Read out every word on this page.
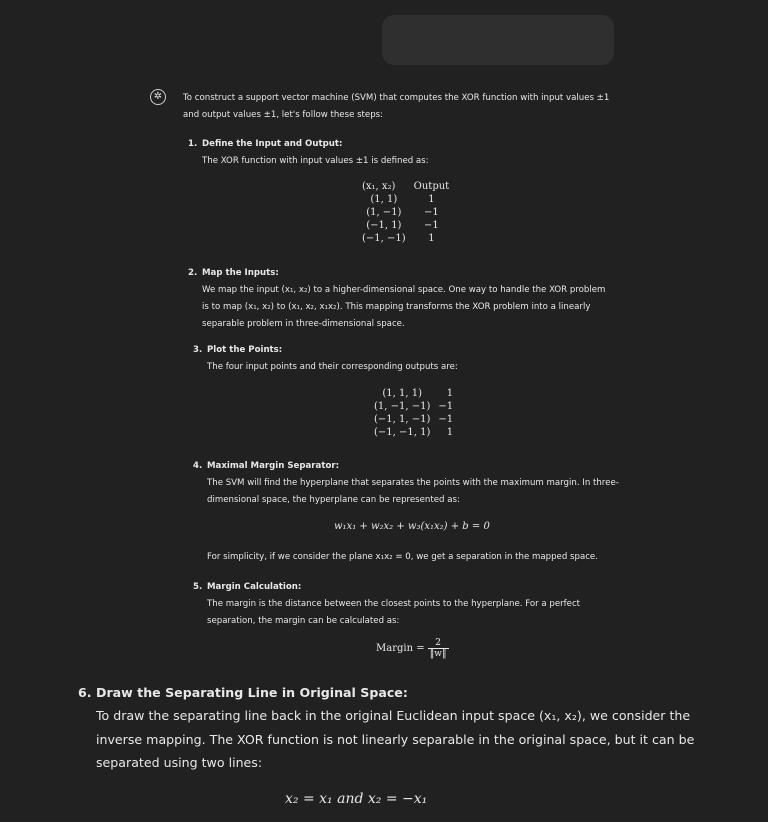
✲	To construct a support vector machine (SVM) that computes the XOR function with input values ±1
and output values ±1, let's follow these steps:
1. Define the Input and Output:
The XOR function with input values ±1 is defined as:
(x₁, x₂)	Output
(1, 1)	1
(1, −1)	−1
(−1, 1)	−1
(−1, −1)	1
2. Map the Inputs:
We map the input (x₁, x₂) to a higher-dimensional space. One way to handle the XOR problem
is to map (x₁, x₂) to (x₁, x₂, x₁x₂). This mapping transforms the XOR problem into a linearly
separable problem in three-dimensional space.
3. Plot the Points:
The four input points and their corresponding outputs are:
(1, 1, 1)	1
(1, −1, −1)	−1
(−1, 1, −1)	−1
(−1, −1, 1)	1
4. Maximal Margin Separator:
The SVM will find the hyperplane that separates the points with the maximum margin. In three-
dimensional space, the hyperplane can be represented as:
w₁x₁ + w₂x₂ + w₃(x₁x₂) + b = 0
For simplicity, if we consider the plane x₁x₂ = 0, we get a separation in the mapped space.
5. Margin Calculation:
The margin is the distance between the closest points to the hyperplane. For a perfect
separation, the margin can be calculated as:
Margin = $\frac{2}{‖w‖}$
6. Draw the Separating Line in Original Space:
To draw the separating line back in the original Euclidean input space (x₁, x₂), we consider the
inverse mapping. The XOR function is not linearly separable in the original space, but it can be
separated using two lines:
x₂ = x₁ and x₂ = −x₁
